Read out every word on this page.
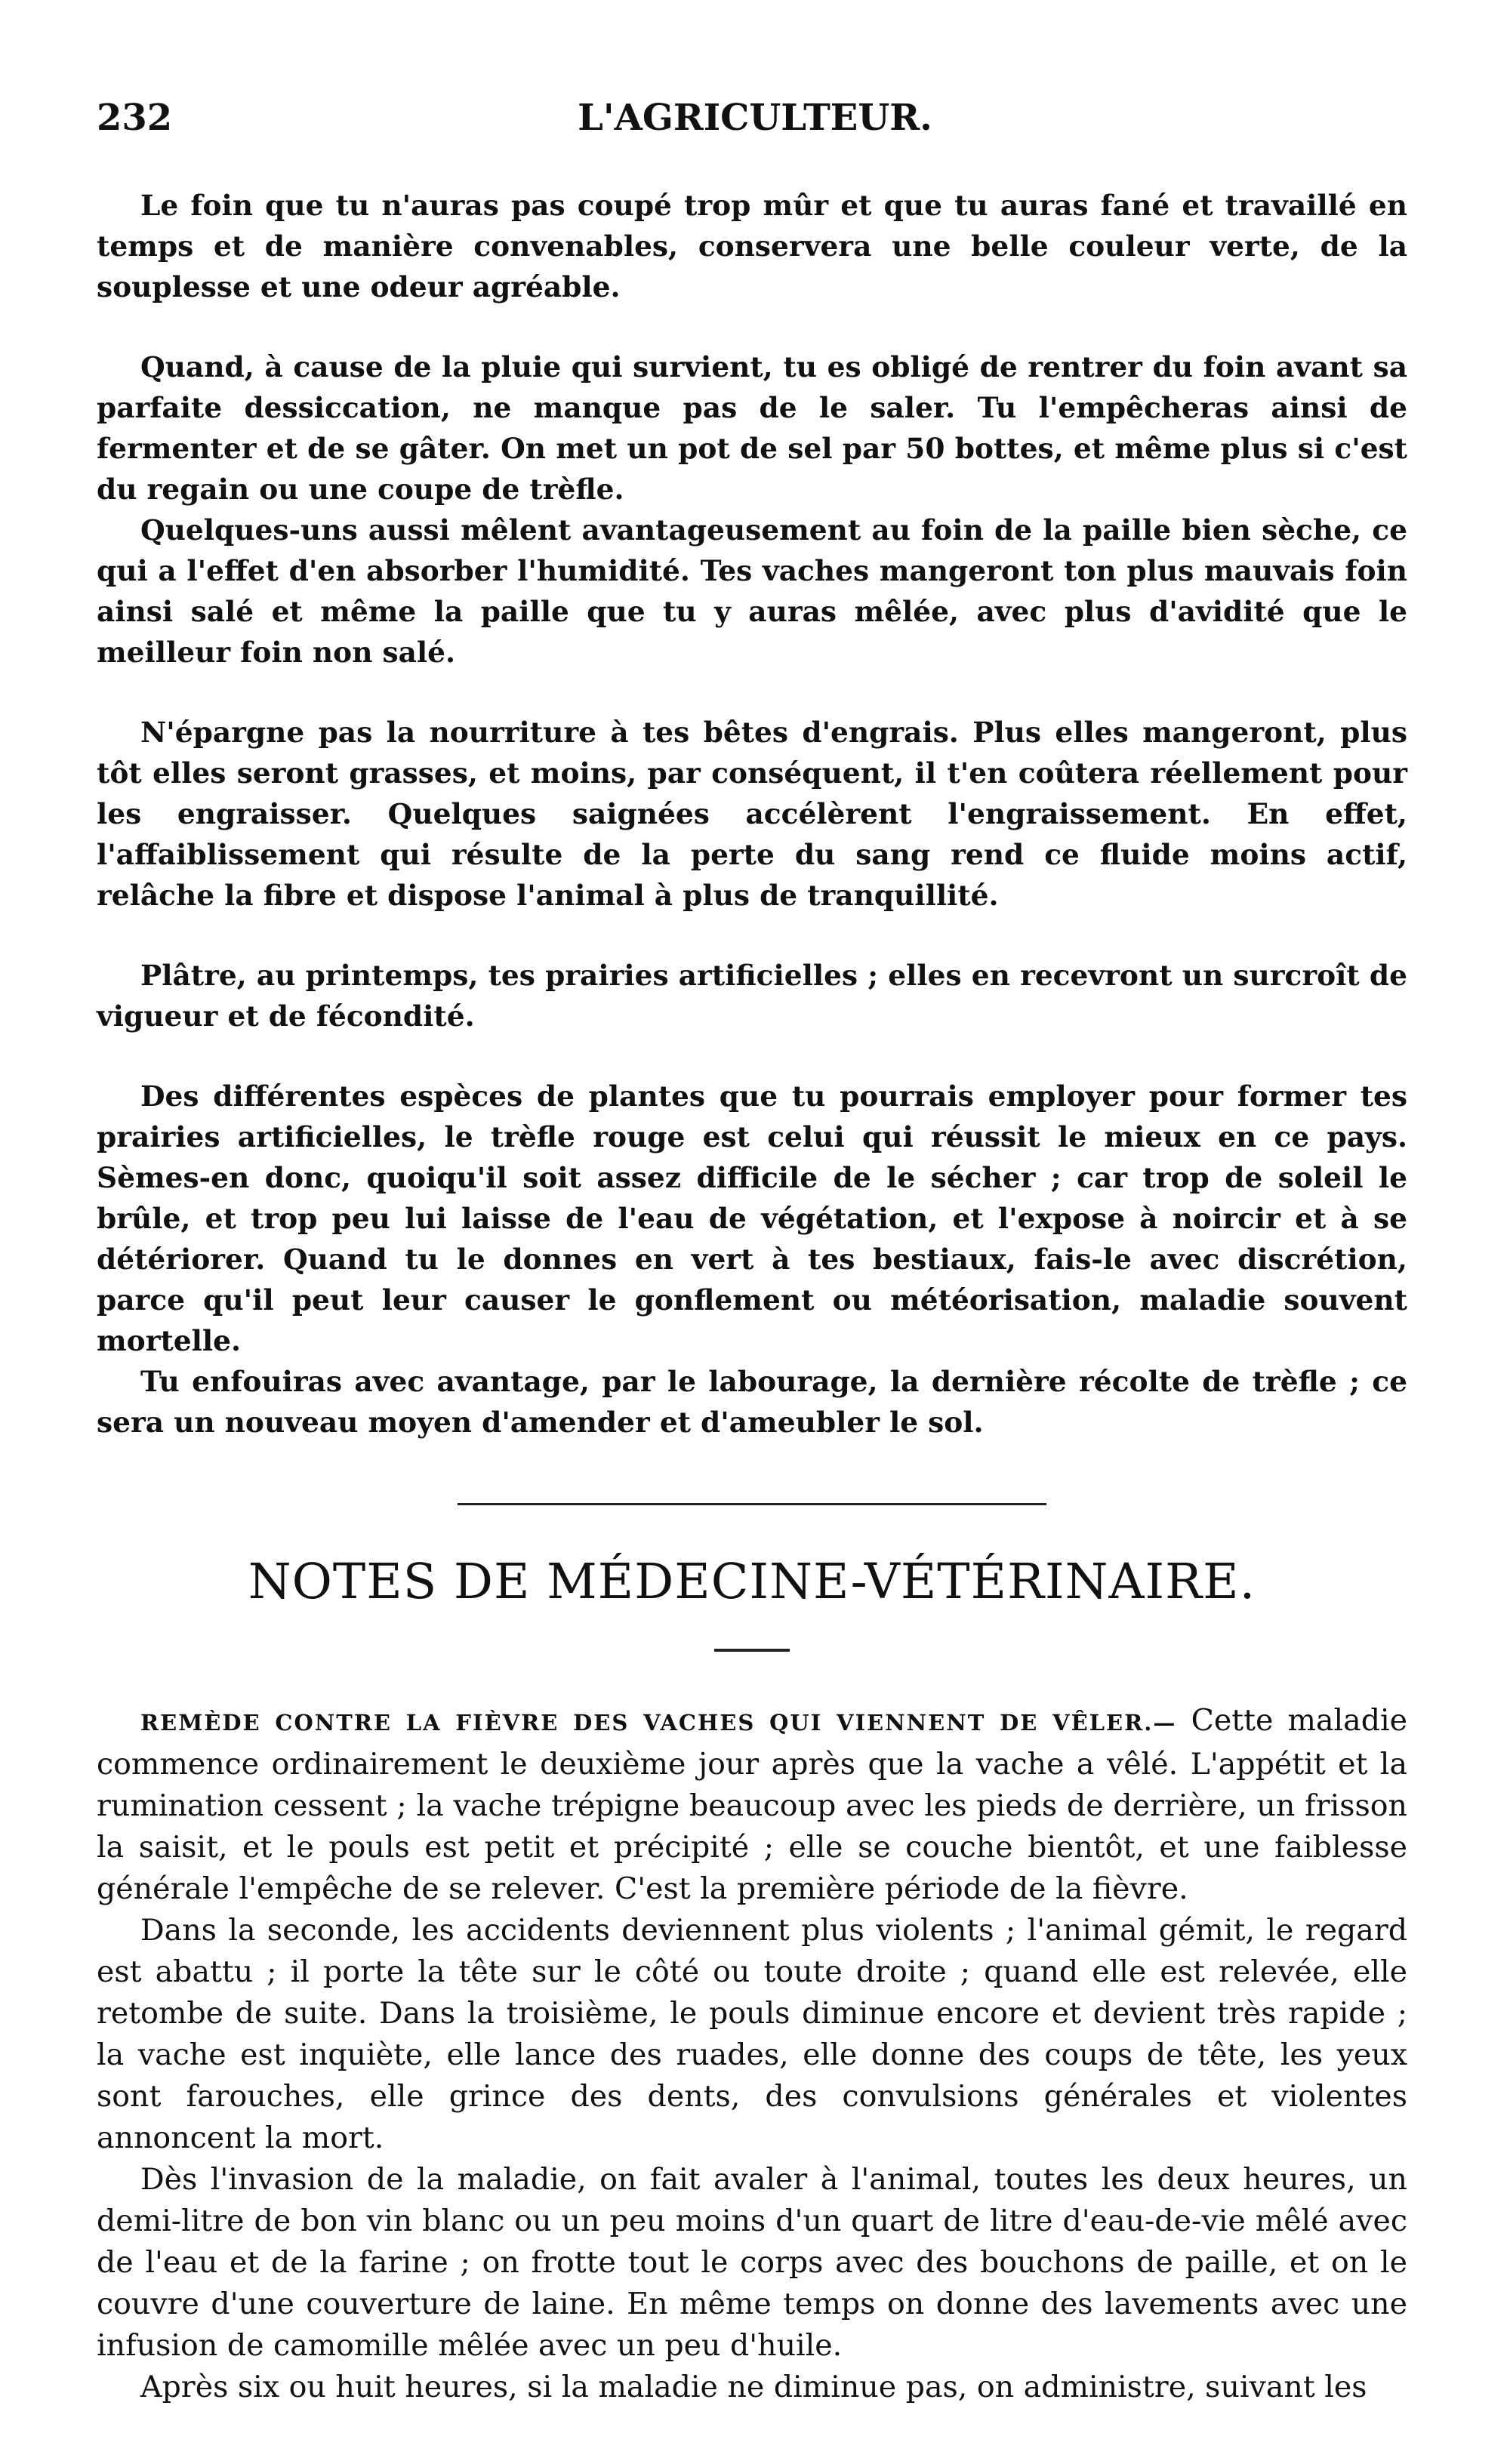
232	L'AGRICULTEUR.

Le foin que tu n'auras pas coupé trop mûr et que tu auras fané et travaillé en temps et de manière convenables, conservera une belle couleur verte, de la souplesse et une odeur agréable.

Quand, à cause de la pluie qui survient, tu es obligé de rentrer du foin avant sa parfaite dessiccation, ne manque pas de le saler. Tu l'empêcheras ainsi de fermenter et de se gâter. On met un pot de sel par 50 bottes, et même plus si c'est du regain ou une coupe de trèfle.

Quelques-uns aussi mêlent avantageusement au foin de la paille bien sèche, ce qui a l'effet d'en absorber l'humidité. Tes vaches mangeront ton plus mauvais foin ainsi salé et même la paille que tu y auras mêlée, avec plus d'avidité que le meilleur foin non salé.

N'épargne pas la nourriture à tes bêtes d'engrais. Plus elles mangeront, plus tôt elles seront grasses, et moins, par conséquent, il t'en coûtera réellement pour les engraisser. Quelques saignées accélèrent l'engraissement. En effet, l'affaiblissement qui résulte de la perte du sang rend ce fluide moins actif, relâche la fibre et dispose l'animal à plus de tranquillité.

Plâtre, au printemps, tes prairies artificielles ; elles en recevront un surcroît de vigueur et de fécondité.

Des différentes espèces de plantes que tu pourrais employer pour former tes prairies artificielles, le trèfle rouge est celui qui réussit le mieux en ce pays. Sèmes-en donc, quoiqu'il soit assez difficile de le sécher ; car trop de soleil le brûle, et trop peu lui laisse de l'eau de végétation, et l'expose à noircir et à se détériorer. Quand tu le donnes en vert à tes bestiaux, fais-le avec discrétion, parce qu'il peut leur causer le gonflement ou météorisation, maladie souvent mortelle.

Tu enfouiras avec avantage, par le labourage, la dernière récolte de trèfle ; ce sera un nouveau moyen d'amender et d'ameubler le sol.

NOTES DE MÉDECINE-VÉTÉRINAIRE.

REMÈDE CONTRE LA FIÈVRE DES VACHES QUI VIENNENT DE VÊLER.— Cette maladie commence ordinairement le deuxième jour après que la vache a vêlé. L'appétit et la rumination cessent ; la vache trépigne beaucoup avec les pieds de derrière, un frisson la saisit, et le pouls est petit et précipité ; elle se couche bientôt, et une faiblesse générale l'empêche de se relever. C'est la première période de la fièvre.

Dans la seconde, les accidents deviennent plus violents ; l'animal gémit, le regard est abattu ; il porte la tête sur le côté ou toute droite ; quand elle est relevée, elle retombe de suite. Dans la troisième, le pouls diminue encore et devient très rapide ; la vache est inquiète, elle lance des ruades, elle donne des coups de tête, les yeux sont farouches, elle grince des dents, des convulsions générales et violentes annoncent la mort.

Dès l'invasion de la maladie, on fait avaler à l'animal, toutes les deux heures, un demi-litre de bon vin blanc ou un peu moins d'un quart de litre d'eau-de-vie mêlé avec de l'eau et de la farine ; on frotte tout le corps avec des bouchons de paille, et on le couvre d'une couverture de laine. En même temps on donne des lavements avec une infusion de camomille mêlée avec un peu d'huile.

Après six ou huit heures, si la maladie ne diminue pas, on administre, suivant les
